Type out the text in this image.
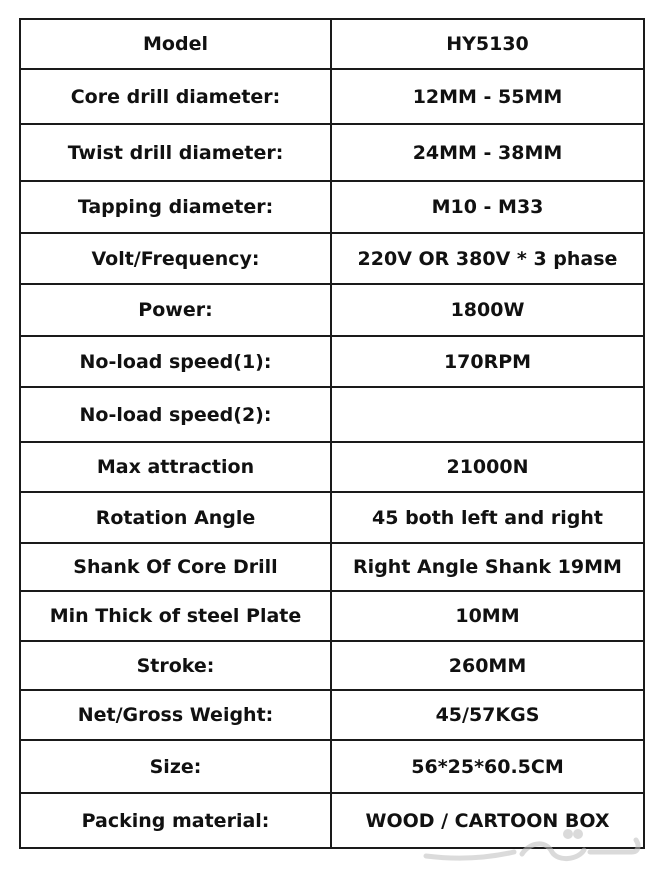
Model	HY5130
Core drill diameter:	12MM - 55MM
Twist drill diameter:	24MM - 38MM
Tapping diameter:	M10 - M33
Volt/Frequency:	220V OR 380V * 3 phase
Power:	1800W
No-load speed(1):	170RPM
No-load speed(2):	
Max attraction	21000N
Rotation Angle	45 both left and right
Shank Of Core Drill	Right Angle Shank 19MM
Min Thick of steel Plate	10MM
Stroke:	260MM
Net/Gross Weight:	45/57KGS
Size:	56*25*60.5CM
Packing material:	WOOD / CARTOON BOX
